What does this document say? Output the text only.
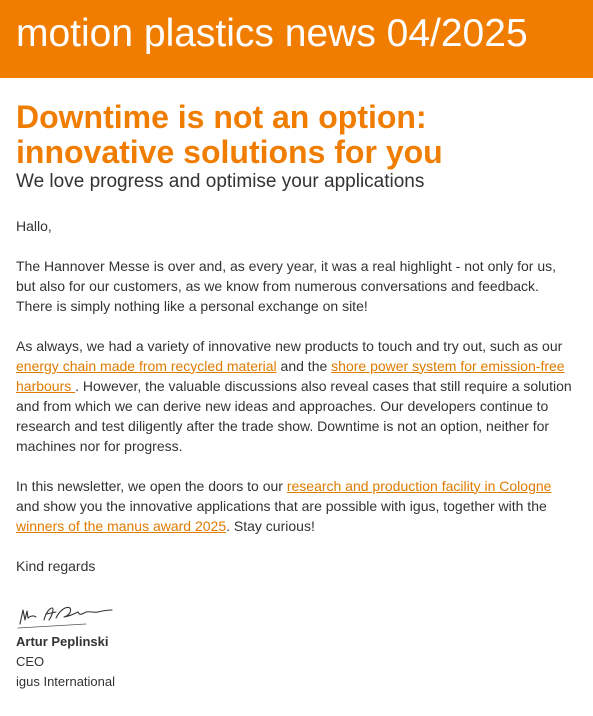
motion plastics news 04/2025
Downtime is not an option: innovative solutions for you
We love progress and optimise your applications

Hallo,

The Hannover Messe is over and, as every year, it was a real highlight - not only for us, but also for our customers, as we know from numerous conversations and feedback. There is simply nothing like a personal exchange on site!

As always, we had a variety of innovative new products to touch and try out, such as our energy chain made from recycled material and the shore power system for emission-free harbours . However, the valuable discussions also reveal cases that still require a solution and from which we can derive new ideas and approaches. Our developers continue to research and test diligently after the trade show. Downtime is not an option, neither for machines nor for progress.

In this newsletter, we open the doors to our research and production facility in Cologne and show you the innovative applications that are possible with igus, together with the winners of the manus award 2025. Stay curious!

Kind regards

Artur Peplinski
CEO
igus International
